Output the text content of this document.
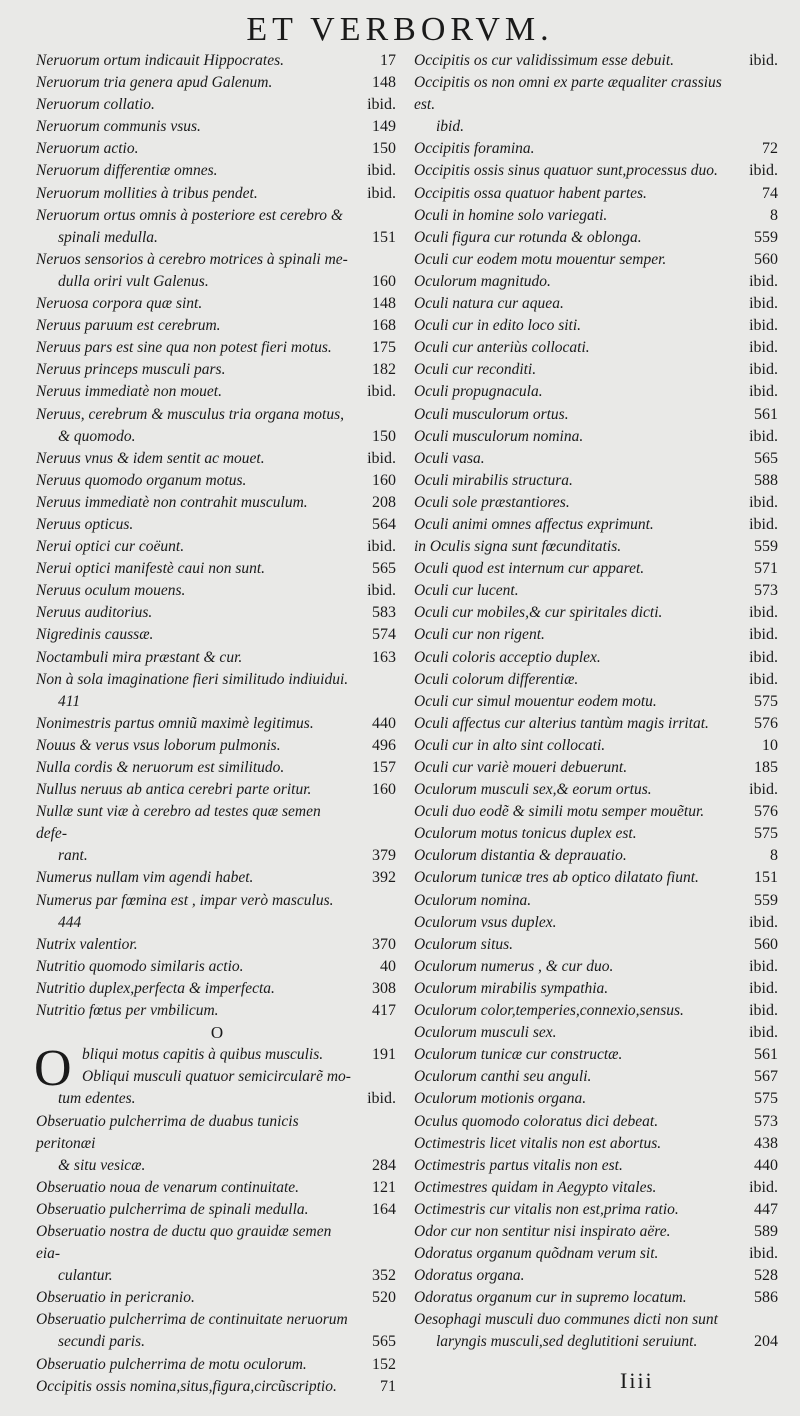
ET VERBORVM.
Neruorum ortum indicauit Hippocrates.	17
Neruorum tria genera apud Galenum.	148
Neruorum collatio.	ibid.
Neruorum communis vsus.	149
Neruorum actio.	150
Neruorum differentiæ omnes.	ibid.
Neruorum mollities à tribus pendet.	ibid.
Neruorum ortus omnis à posteriore est cerebro &
spinali medulla.	151
Neruos sensorios à cerebro motrices à spinali me-
dulla oriri vult Galenus.	160
Neruosa corpora quæ sint.	148
Neruus paruum est cerebrum.	168
Neruus pars est sine qua non potest fieri motus.	175
Neruus princeps musculi pars.	182
Neruus immediatè non mouet.	ibid.
Neruus, cerebrum & musculus tria organa motus,
& quomodo.	150
Neruus vnus & idem sentit ac mouet.	ibid.
Neruus quomodo organum motus.	160
Neruus immediatè non contrahit musculum.	208
Neruus opticus.	564
Nerui optici cur coëunt.	ibid.
Nerui optici manifestè caui non sunt.	565
Neruus oculum mouens.	ibid.
Neruus auditorius.	583
Nigredinis caussæ.	574
Noctambuli mira præstant & cur.	163
Non à sola imaginatione fieri similitudo indiuidui.
411
Nonimestris partus omniũ maximè legitimus.	440
Nouus & verus vsus loborum pulmonis.	496
Nulla cordis & neruorum est similitudo.	157
Nullus neruus ab antica cerebri parte oritur.	160
Nullæ sunt viæ à cerebro ad testes quæ semen defe-
rant.	379
Numerus nullam vim agendi habet.	392
Numerus par fœmina est , impar verò masculus.
444
Nutrix valentior.	370
Nutritio quomodo similaris actio.	40
Nutritio duplex,perfecta & imperfecta.	308
Nutritio fœtus per vmbilicum.	417
O
O bliqui motus capitis à quibus musculis.	191
Obliqui musculi quatuor semicircularẽ mo-
tum edentes.	ibid.
Obseruatio pulcherrima de duabus tunicis peritonæi
& situ vesicæ.	284
Obseruatio noua de venarum continuitate.	121
Obseruatio pulcherrima de spinali medulla.	164
Obseruatio nostra de ductu quo grauidæ semen eia-
culantur.	352
Obseruatio in pericranio.	520
Obseruatio pulcherrima de continuitate neruorum
secundi paris.	565
Obseruatio pulcherrima de motu oculorum.	152
Occipitis ossis nomina,situs,figura,circũscriptio.	71
Occipitis os cur validissimum esse debuit.	ibid.
Occipitis os non omni ex parte æqualiter crassius est.
ibid.
Occipitis foramina.	72
Occipitis ossis sinus quatuor sunt,processus duo.	ibid.
Occipitis ossa quatuor habent partes.	74
Oculi in homine solo variegati.	8
Oculi figura cur rotunda & oblonga.	559
Oculi cur eodem motu mouentur semper.	560
Oculorum magnitudo.	ibid.
Oculi natura cur aquea.	ibid.
Oculi cur in edito loco siti.	ibid.
Oculi cur anteriùs collocati.	ibid.
Oculi cur reconditi.	ibid.
Oculi propugnacula.	ibid.
Oculi musculorum ortus.	561
Oculi musculorum nomina.	ibid.
Oculi vasa.	565
Oculi mirabilis structura.	588
Oculi sole præstantiores.	ibid.
Oculi animi omnes affectus exprimunt.	ibid.
in Oculis signa sunt fœcunditatis.	559
Oculi quod est internum cur apparet.	571
Oculi cur lucent.	573
Oculi cur mobiles,& cur spiritales dicti.	ibid.
Oculi cur non rigent.	ibid.
Oculi coloris acceptio duplex.	ibid.
Oculi colorum differentiæ.	ibid.
Oculi cur simul mouentur eodem motu.	575
Oculi affectus cur alterius tantùm magis irritat.	576
Oculi cur in alto sint collocati.	10
Oculi cur variè moueri debuerunt.	185
Oculorum musculi sex,& eorum ortus.	ibid.
Oculi duo eodẽ & simili motu semper mouẽtur.	576
Oculorum motus tonicus duplex est.	575
Oculorum distantia & deprauatio.	8
Oculorum tunicæ tres ab optico dilatato fiunt.	151
Oculorum nomina.	559
Oculorum vsus duplex.	ibid.
Oculorum situs.	560
Oculorum numerus , & cur duo.	ibid.
Oculorum mirabilis sympathia.	ibid.
Oculorum color,temperies,connexio,sensus.	ibid.
Oculorum musculi sex.	ibid.
Oculorum tunicæ cur constructæ.	561
Oculorum canthi seu anguli.	567
Oculorum motionis organa.	575
Oculus quomodo coloratus dici debeat.	573
Octimestris licet vitalis non est abortus.	438
Octimestris partus vitalis non est.	440
Octimestres quidam in Aegypto vitales.	ibid.
Octimestris cur vitalis non est,prima ratio.	447
Odor cur non sentitur nisi inspirato aëre.	589
Odoratus organum quõdnam verum sit.	ibid.
Odoratus organa.	528
Odoratus organum cur in supremo locatum.	586
Oesophagi musculi duo communes dicti non sunt
laryngis musculi,sed deglutitioni seruiunt.	204
Iiii
